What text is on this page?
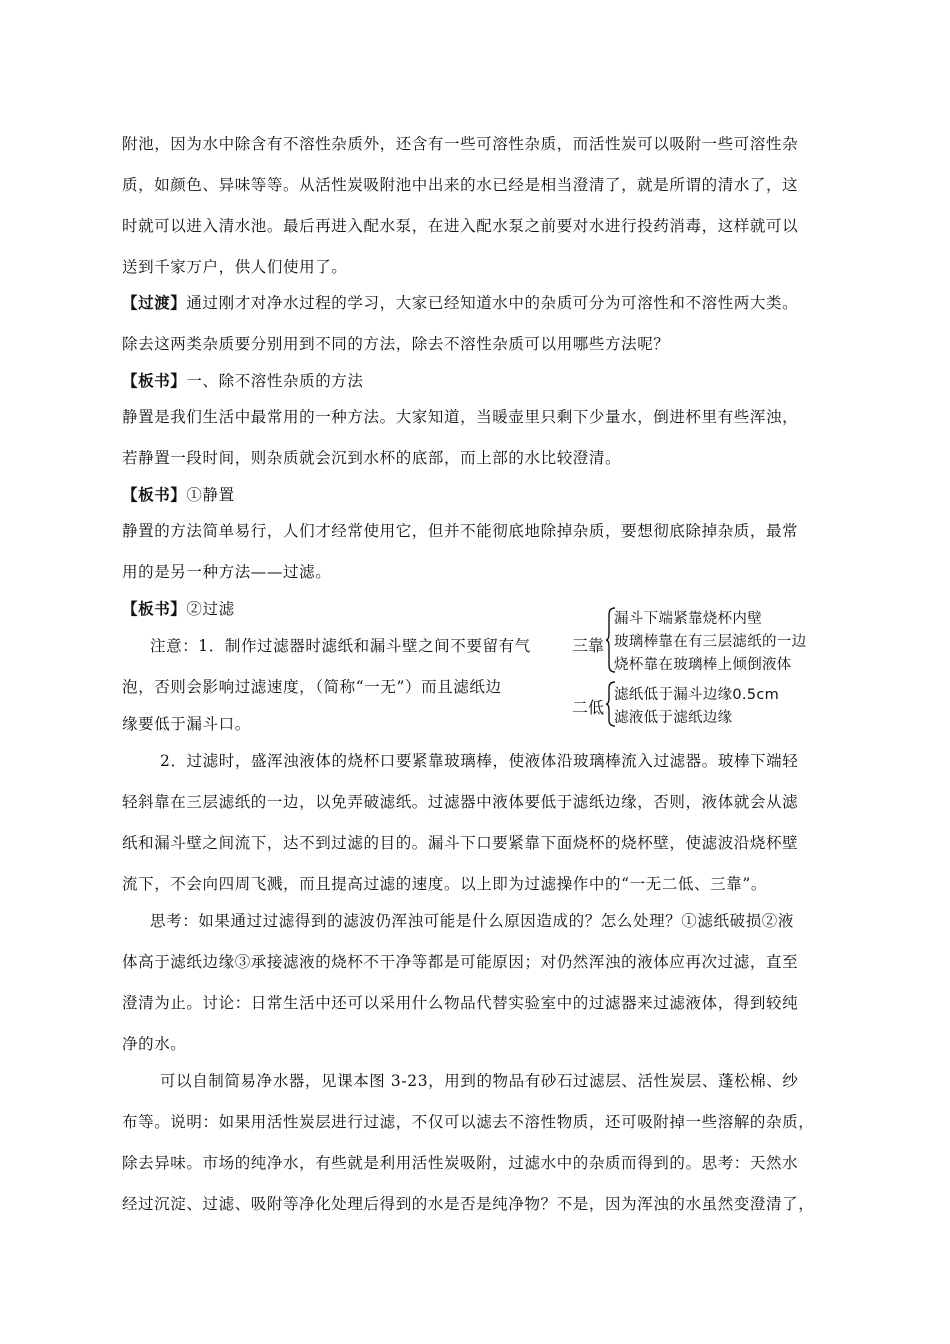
附池，因为水中除含有不溶性杂质外，还含有一些可溶性杂质，而活性炭可以吸附一些可溶性杂
质，如颜色、异味等等。从活性炭吸附池中出来的水已经是相当澄清了，就是所谓的清水了，这
时就可以进入清水池。最后再进入配水泵，在进入配水泵之前要对水进行投药消毒，这样就可以
送到千家万户，供人们使用了。
【过渡】通过刚才对净水过程的学习，大家已经知道水中的杂质可分为可溶性和不溶性两大类。
除去这两类杂质要分别用到不同的方法，除去不溶性杂质可以用哪些方法呢？
【板书】一、除不溶性杂质的方法
静置是我们生活中最常用的一种方法。大家知道，当暖壶里只剩下少量水，倒进杯里有些浑浊，
若静置一段时间，则杂质就会沉到水杯的底部，而上部的水比较澄清。
【板书】①静置
静置的方法简单易行，人们才经常使用它，但并不能彻底地除掉杂质，要想彻底除掉杂质，最常
用的是另一种方法——过滤。
【板书】②过滤
注意：1．制作过滤器时滤纸和漏斗壁之间不要留有气
泡，否则会影响过滤速度，（简称“一无”）而且滤纸边
缘要低于漏斗口。
三靠
漏斗下端紧靠烧杯内壁
玻璃棒靠在有三层滤纸的一边
烧杯靠在玻璃棒上倾倒液体
二低
滤纸低于漏斗边缘0.5cm
滤液低于滤纸边缘
2．过滤时，盛浑浊液体的烧杯口要紧靠玻璃棒，使液体沿玻璃棒流入过滤器。玻棒下端轻
轻斜靠在三层滤纸的一边，以免弄破滤纸。过滤器中液体要低于滤纸边缘，否则，液体就会从滤
纸和漏斗壁之间流下，达不到过滤的目的。漏斗下口要紧靠下面烧杯的烧杯壁，使滤波沿烧杯壁
流下，不会向四周飞溅，而且提高过滤的速度。以上即为过滤操作中的“一无二低、三靠”。
思考：如果通过过滤得到的滤波仍浑浊可能是什么原因造成的？怎么处理？①滤纸破损②液
体高于滤纸边缘③承接滤液的烧杯不干净等都是可能原因；对仍然浑浊的液体应再次过滤，直至
澄清为止。讨论：日常生活中还可以采用什么物品代替实验室中的过滤器来过滤液体，得到较纯
净的水。
可以自制简易净水器，见课本图 3-23，用到的物品有砂石过滤层、活性炭层、蓬松棉、纱
布等。说明：如果用活性炭层进行过滤，不仅可以滤去不溶性物质，还可吸附掉一些溶解的杂质，
除去异味。市场的纯净水，有些就是利用活性炭吸附，过滤水中的杂质而得到的。思考：天然水
经过沉淀、过滤、吸附等净化处理后得到的水是否是纯净物？不是，因为浑浊的水虽然变澄清了，
